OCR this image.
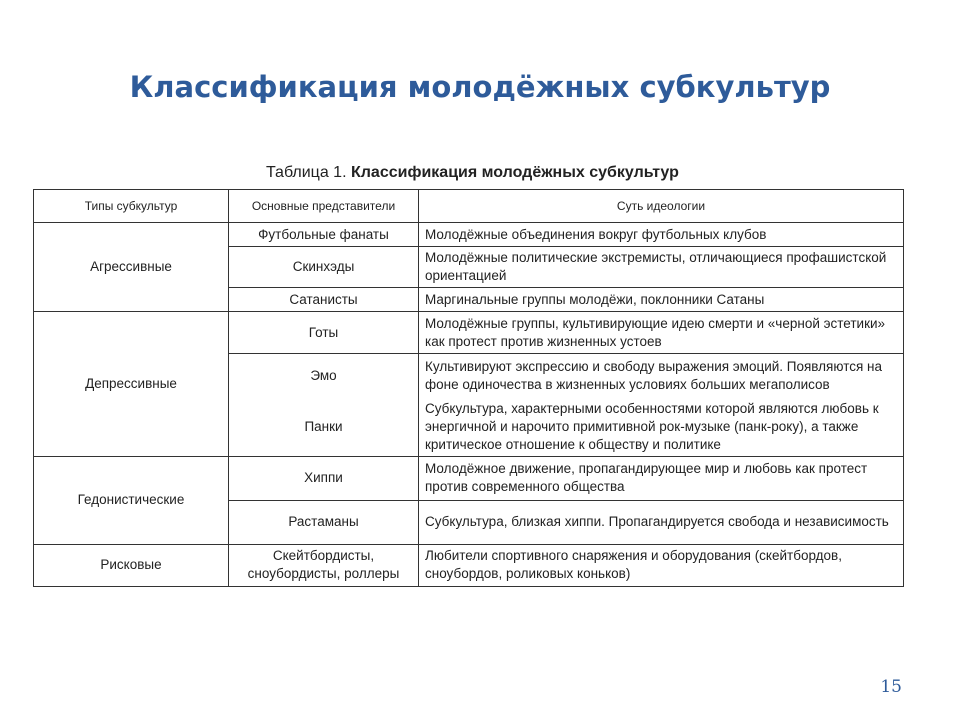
Классификация молодёжных субкультур
Таблица 1. Классификация молодёжных субкультур
Типы субкультур	Основные представители	Суть идеологии
Агрессивные	Футбольные фанаты	Молодёжные объединения вокруг футбольных клубов
	Скинхэды	Молодёжные политические экстремисты, отличающиеся профашистской ориентацией
	Сатанисты	Маргинальные группы молодёжи, поклонники Сатаны
Депрессивные	Готы	Молодёжные группы, культивирующие идею смерти и «черной эстетики» как протест против жизненных устоев
	Эмо	Культивируют экспрессию и свободу выражения эмоций. Появляются на фоне одиночества в жизненных условиях больших мегаполисов
	Панки	Субкультура, характерными особенностями которой являются любовь к энергичной и нарочито примитивной рок-музыке (панк-року), а также критическое отношение к обществу и политике
Гедонистические	Хиппи	Молодёжное движение, пропагандирующее мир и любовь как протест против современного общества
	Растаманы	Субкультура, близкая хиппи. Пропагандируется свобода и независимость
Рисковые	Скейтбордисты, сноубордисты, роллеры	Любители спортивного снаряжения и оборудования (скейтбордов, сноубордов, роликовых коньков)
15
